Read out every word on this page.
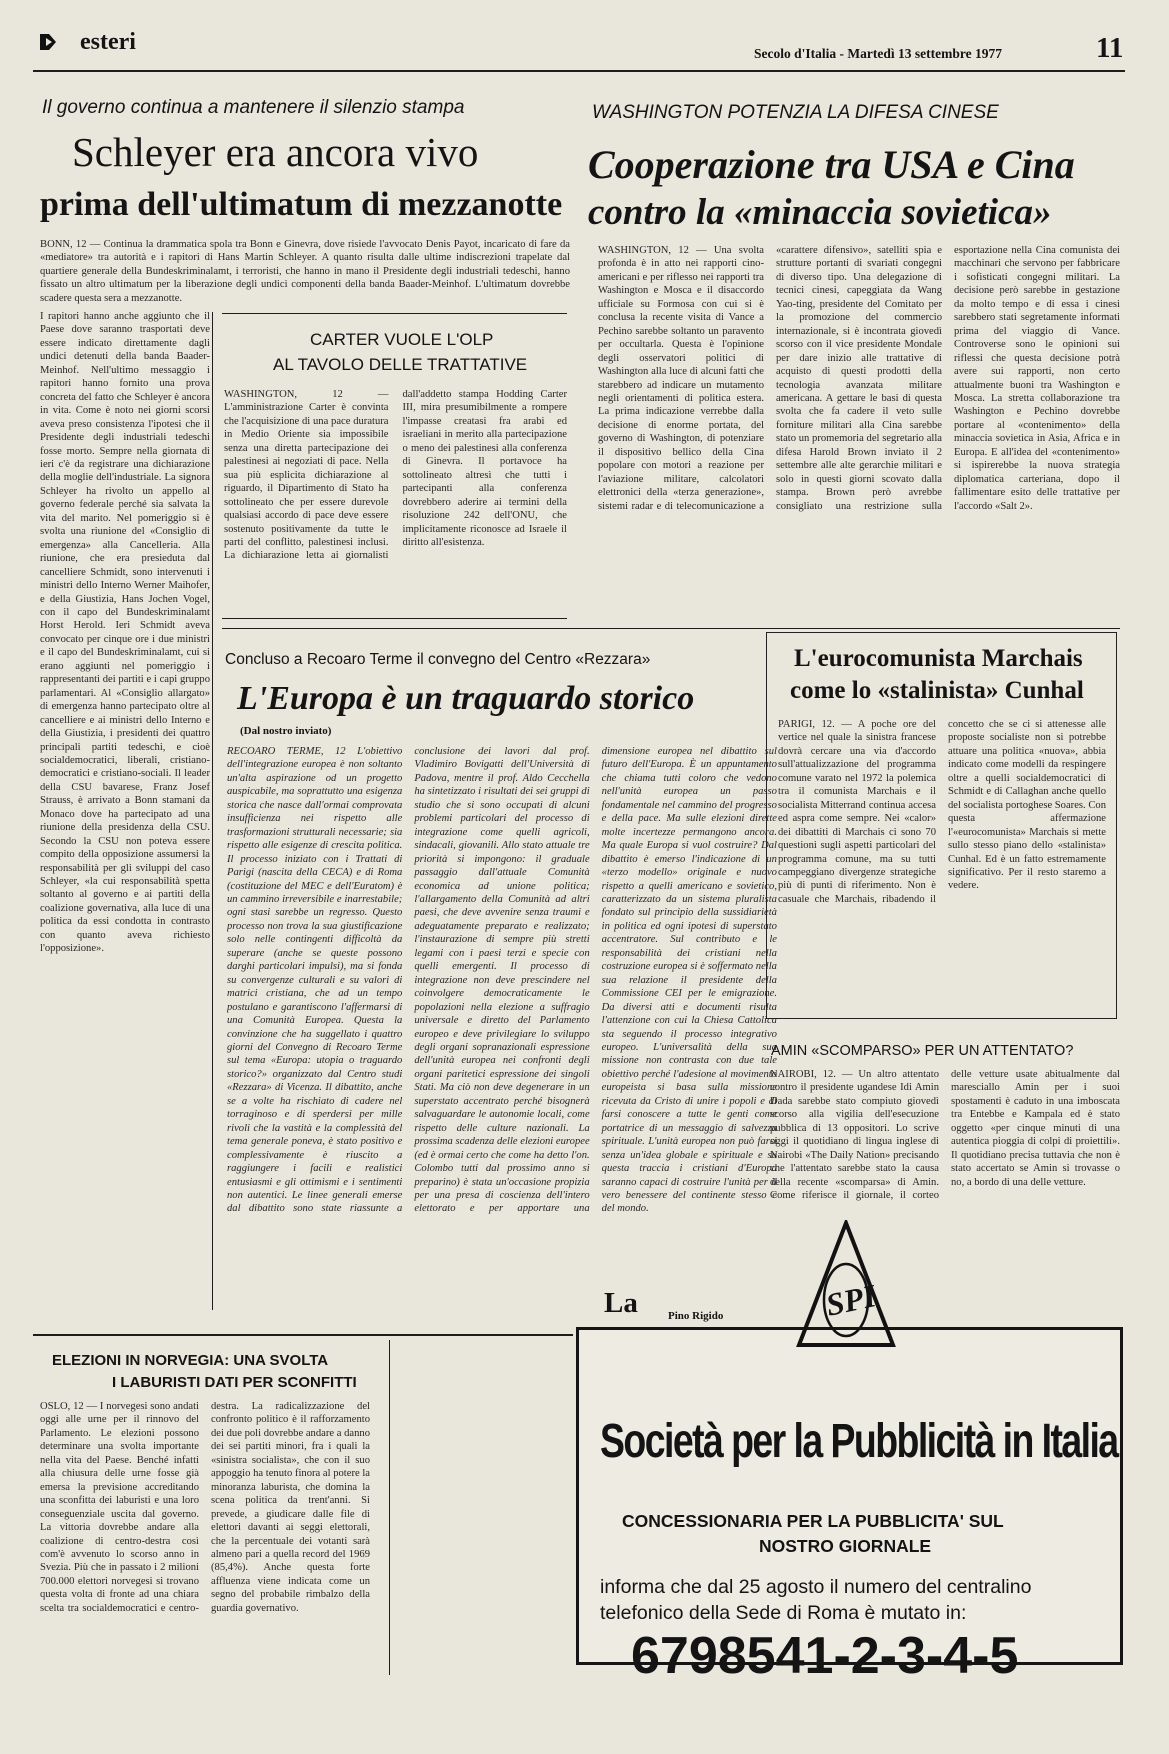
esteri	Secolo d'Italia - Martedì 13 settembre 1977	11
Il governo continua a mantenere il silenzio stampa
Schleyer era ancora vivo
prima dell'ultimatum di mezzanotte

BONN, 12 — Continua la drammatica spola tra Bonn e Ginevra, dove risiede l'avvocato Denis Payot, incaricato di fare da «mediatore» tra autorità e i rapitori di Hans Martin Schleyer. A quanto risulta dalle ultime indiscrezioni trapelate dal quartiere generale della Bundeskriminalamt, i terroristi, che hanno in mano il Presidente degli industriali tedeschi, hanno fissato un altro ultimatum per la liberazione degli undici componenti della banda Baader-Meinhof. L'ultimatum dovrebbe scadere questa sera a mezzanotte.

I rapitori hanno anche aggiunto che il Paese dove saranno trasportati deve essere indicato direttamente dagli undici detenuti della banda Baader-Meinhof. Nell'ultimo messaggio i rapitori hanno fornito una prova concreta del fatto che Schleyer è ancora in vita. Come è noto nei giorni scorsi aveva preso consistenza l'ipotesi che il Presidente degli industriali tedeschi fosse morto. Sempre nella giornata di ieri c'è da registrare una dichiarazione della moglie dell'industriale. La signora Schleyer ha rivolto un appello al governo federale perché sia salvata la vita del marito. Nel pomeriggio si è svolta una riunione del «Consiglio di emergenza» alla Cancelleria. Alla riunione, che era presieduta dal cancelliere Schmidt, sono intervenuti i ministri dello Interno Werner Maihofer, e della Giustizia, Hans Jochen Vogel, con il capo del Bundeskriminalamt Horst Herold. Ieri Schmidt aveva convocato per cinque ore i due ministri e il capo del Bundeskriminalamt, cui si erano aggiunti nel pomeriggio i rappresentanti dei partiti e i capi gruppo parlamentari. Al «Consiglio allargato» di emergenza hanno partecipato oltre al cancelliere e ai ministri dello Interno e della Giustizia, i presidenti dei quattro principali partiti tedeschi, e cioè socialdemocratici, liberali, cristiano-democratici e cristiano-sociali. Il leader della CSU bavarese, Franz Josef Strauss, è arrivato a Bonn stamani da Monaco dove ha partecipato ad una riunione della presidenza della CSU. Secondo la CSU non poteva essere compito della opposizione assumersi la responsabilità per gli sviluppi del caso Schleyer, «la cui responsabilità spetta soltanto al governo e ai partiti della coalizione governativa, alla luce di una politica da essi condotta in contrasto con quanto aveva richiesto l'opposizione».

CARTER VUOLE L'OLP
AL TAVOLO DELLE TRATTATIVE

WASHINGTON, 12 — L'amministrazione Carter è convinta che l'acquisizione di una pace duratura in Medio Oriente sia impossibile senza una diretta partecipazione dei palestinesi ai negoziati di pace. Nella sua più esplicita dichiarazione al riguardo, il Dipartimento di Stato ha sottolineato che per essere durevole qualsiasi accordo di pace deve essere sostenuto positivamente da tutte le parti del conflitto, palestinesi inclusi. La dichiarazione letta ai giornalisti dall'addetto stampa Hodding Carter III, mira presumibilmente a rompere l'impasse creatasi fra arabi ed israeliani in merito alla partecipazione o meno dei palestinesi alla conferenza di Ginevra. Il portavoce ha sottolineato altresì che tutti i partecipanti alla conferenza dovrebbero aderire ai termini della risoluzione 242 dell'ONU, che implicitamente riconosce ad Israele il diritto all'esistenza.

WASHINGTON POTENZIA LA DIFESA CINESE
Cooperazione tra USA e Cina
contro la «minaccia sovietica»

WASHINGTON, 12 — Una svolta profonda è in atto nei rapporti cino-americani e per riflesso nei rapporti tra Washington e Mosca e il disaccordo ufficiale su Formosa con cui si è conclusa la recente visita di Vance a Pechino sarebbe soltanto un paravento per occultarla. Questa è l'opinione degli osservatori politici di Washington alla luce di alcuni fatti che starebbero ad indicare un mutamento negli orientamenti di politica estera. La prima indicazione verrebbe dalla decisione di enorme portata, del governo di Washington, di potenziare il dispositivo bellico della Cina popolare con motori a reazione per l'aviazione militare, calcolatori elettronici della «terza generazione», sistemi radar e di telecomunicazione a «carattere difensivo», satelliti spia e strutture portanti di svariati congegni di diverso tipo. Una delegazione di tecnici cinesi, capeggiata da Wang Yao-ting, presidente del Comitato per la promozione del commercio internazionale, si è incontrata giovedì scorso con il vice presidente Mondale per dare inizio alle trattative di acquisto di questi prodotti della tecnologia avanzata militare americana. A gettare le basi di questa svolta che fa cadere il veto sulle forniture militari alla Cina sarebbe stato un promemoria del segretario alla difesa Harold Brown inviato il 2 settembre alle alte gerarchie militari e solo in questi giorni scovato dalla stampa. Brown però avrebbe consigliato una restrizione sulla esportazione nella Cina comunista dei macchinari che servono per fabbricare i sofisticati congegni militari. La decisione però sarebbe in gestazione da molto tempo e di essa i cinesi sarebbero stati segretamente informati prima del viaggio di Vance. Controverse sono le opinioni sui riflessi che questa decisione potrà avere sui rapporti, non certo attualmente buoni tra Washington e Mosca. La stretta collaborazione tra Washington e Pechino dovrebbe portare al «contenimento» della minaccia sovietica in Asia, Africa e in Europa. E all'idea del «contenimento» si ispirerebbe la nuova strategia diplomatica carteriana, dopo il fallimentare esito delle trattative per l'accordo «Salt 2».

Concluso a Recoaro Terme il convegno del Centro «Rezzara»
L'Europa è un traguardo storico
(Dal nostro inviato)

RECOARO TERME, 12 L'obiettivo dell'integrazione europea è non soltanto un'alta aspirazione od un progetto auspicabile, ma soprattutto una esigenza storica che nasce dall'ormai comprovata insufficienza nei rispetto alle trasformazioni strutturali necessarie; sia rispetto alle esigenze di crescita politica. Il processo iniziato con i Trattati di Parigi (nascita della CECA) e di Roma (costituzione del MEC e dell'Euratom) è un cammino irreversibile e inarrestabile; ogni stasi sarebbe un regresso. Questo processo non trova la sua giustificazione solo nelle contingenti difficoltà da superare (anche se queste possono darghi particolari impulsi), ma si fonda su convergenze culturali e su valori di matrici cristiana, che ad un tempo postulano e garantiscono l'affermarsi di una Comunità Europea. Questa la convinzione che ha suggellato i quattro giorni del Convegno di Recoaro Terme sul tema «Europa: utopia o traguardo storico?» organizzato dal Centro studi «Rezzara» di Vicenza. Il dibattito, anche se a volte ha rischiato di cadere nel torraginoso e di sperdersi per mille rivoli che la vastità e la complessità del tema generale poneva, è stato positivo e complessivamente è riuscito a raggiungere i facili e realistici entusiasmi e gli ottimismi e i sentimenti non autentici. Le linee generali emerse dal dibattito sono state riassunte a conclusione dei lavori dal prof. Vladimiro Bovigatti dell'Università di Padova, mentre il prof. Aldo Cecchella ha sintetizzato i risultati dei sei gruppi di studio che si sono occupati di alcuni problemi particolari del processo di integrazione come quelli agricoli, sindacali, giovanili. Allo stato attuale tre priorità si impongono: il graduale passaggio dall'attuale Comunità economica ad unione politica; l'allargamento della Comunità ad altri paesi, che deve avvenire senza traumi e adeguatamente preparato e realizzato; l'instaurazione di sempre più stretti legami con i paesi terzi e specie con quelli emergenti. Il processo di integrazione non deve prescindere nel coinvolgere democraticamente le popolazioni nella elezione a suffragio universale e diretto del Parlamento europeo e deve privilegiare lo sviluppo degli organi sopranazionali espressione dell'unità europea nei confronti degli organi paritetici espressione dei singoli Stati. Ma ciò non deve degenerare in un superstato accentrato perché bisognerà salvaguardare le autonomie locali, come rispetto delle culture nazionali. La prossima scadenza delle elezioni europee (ed è ormai certo che come ha detto l'on. Colombo tutti dal prossimo anno si preparino) è stata un'occasione propizia per una presa di coscienza dell'intero elettorato e per apportare una dimensione europea nel dibattito sul futuro dell'Europa. È un appuntamento che chiama tutti coloro che vedono nell'unità europea un passo fondamentale nel cammino del progresso e della pace. Ma sulle elezioni dirette molte incertezze permangono ancora. Ma quale Europa si vuol costruire? Dal dibattito è emerso l'indicazione di un «terzo modello» originale e nuovo rispetto a quelli americano e sovietico, caratterizzato da un sistema pluralista fondato sul principio della sussidiarietà in politica ed ogni ipotesi di superstato accentratore. Sul contributo e le responsabilità dei cristiani nella costruzione europea si è soffermato nella sua relazione il presidente della Commissione CEI per le emigrazione. Da diversi atti e documenti risulta l'attenzione con cui la Chiesa Cattolica sta seguendo il processo integrativo europeo. L'universalità della sua missione non contrasta con due tale obiettivo perché l'adesione al movimento europeista si basa sulla missione ricevuta da Cristo di unire i popoli e di farsi conoscere a tutte le genti come portatrice di un messaggio di salvezza spirituale. L'unità europea non può farsi senza un'idea globale e spirituale e su questa traccia i cristiani d'Europa saranno capaci di costruire l'unità per il vero benessere del continente stesso e del mondo.

Pino Rigido
L'eurocomunista Marchais
come lo «stalinista» Cunhal

PARIGI, 12. — A poche ore del vertice nel quale la sinistra francese dovrà cercare una via d'accordo sull'attualizzazione del programma comune varato nel 1972 la polemica tra il comunista Marchais e il socialista Mitterrand continua accesa ed aspra come sempre. Nei «calor» dei dibattiti di Marchais ci sono 70 questioni sugli aspetti particolari del programma comune, ma su tutti campeggiano divergenze strategiche più di punti di riferimento. Non è casuale che Marchais, ribadendo il concetto che se ci si attenesse alle proposte socialiste non si potrebbe attuare una politica «nuova», abbia indicato come modelli da respingere oltre a quelli socialdemocratici di Schmidt e di Callaghan anche quello del socialista portoghese Soares. Con questa affermazione l'«eurocomunista» Marchais si mette sullo stesso piano dello «stalinista» Cunhal. Ed è un fatto estremamente significativo. Per il resto staremo a vedere.

AMIN «SCOMPARSO» PER UN ATTENTATO?

NAIROBI, 12. — Un altro attentato contro il presidente ugandese Idi Amin Dada sarebbe stato compiuto giovedì scorso alla vigilia dell'esecuzione pubblica di 13 oppositori. Lo scrive oggi il quotidiano di lingua inglese di Nairobi «The Daily Nation» precisando che l'attentato sarebbe stato la causa della recente «scomparsa» di Amin. Come riferisce il giornale, il corteo delle vetture usate abitualmente dal maresciallo Amin per i suoi spostamenti è caduto in una imboscata tra Entebbe e Kampala ed è stato oggetto «per cinque minuti di una autentica pioggia di colpi di proiettili». Il quotidiano precisa tuttavia che non è stato accertato se Amin si trovasse o no, a bordo di una delle vetture.

ELEZIONI IN NORVEGIA: UNA SVOLTA
I LABURISTI DATI PER SCONFITTI

OSLO, 12 — I norvegesi sono andati oggi alle urne per il rinnovo del Parlamento. Le elezioni possono determinare una svolta importante nella vita del Paese. Benché infatti alla chiusura delle urne fosse già emersa la previsione accreditando una sconfitta dei laburisti e una loro conseguenziale uscita dal governo. La vittoria dovrebbe andare alla coalizione di centro-destra così com'è avvenuto lo scorso anno in Svezia. Più che in passato i 2 milioni 700.000 elettori norvegesi si trovano questa volta di fronte ad una chiara scelta tra socialdemocratici e centro-destra. La radicalizzazione del confronto politico è il rafforzamento dei due poli dovrebbe andare a danno dei sei partiti minori, fra i quali la «sinistra socialista», che con il suo appoggio ha tenuto finora al potere la minoranza laburista, che domina la scena politica da trent'anni. Si prevede, a giudicare dalle file di elettori davanti ai seggi elettorali, che la percentuale dei votanti sarà almeno pari a quella record del 1969 (85,4%). Anche questa forte affluenza viene indicata come un segno del probabile rimbalzo della guardia governativo.

La	SPI
Società per la Pubblicità in Italia
CONCESSIONARIA PER LA PUBBLICITA' SUL
NOSTRO GIORNALE
informa che dal 25 agosto il numero del centralino
telefonico della Sede di Roma è mutato in:
6798541-2-3-4-5
